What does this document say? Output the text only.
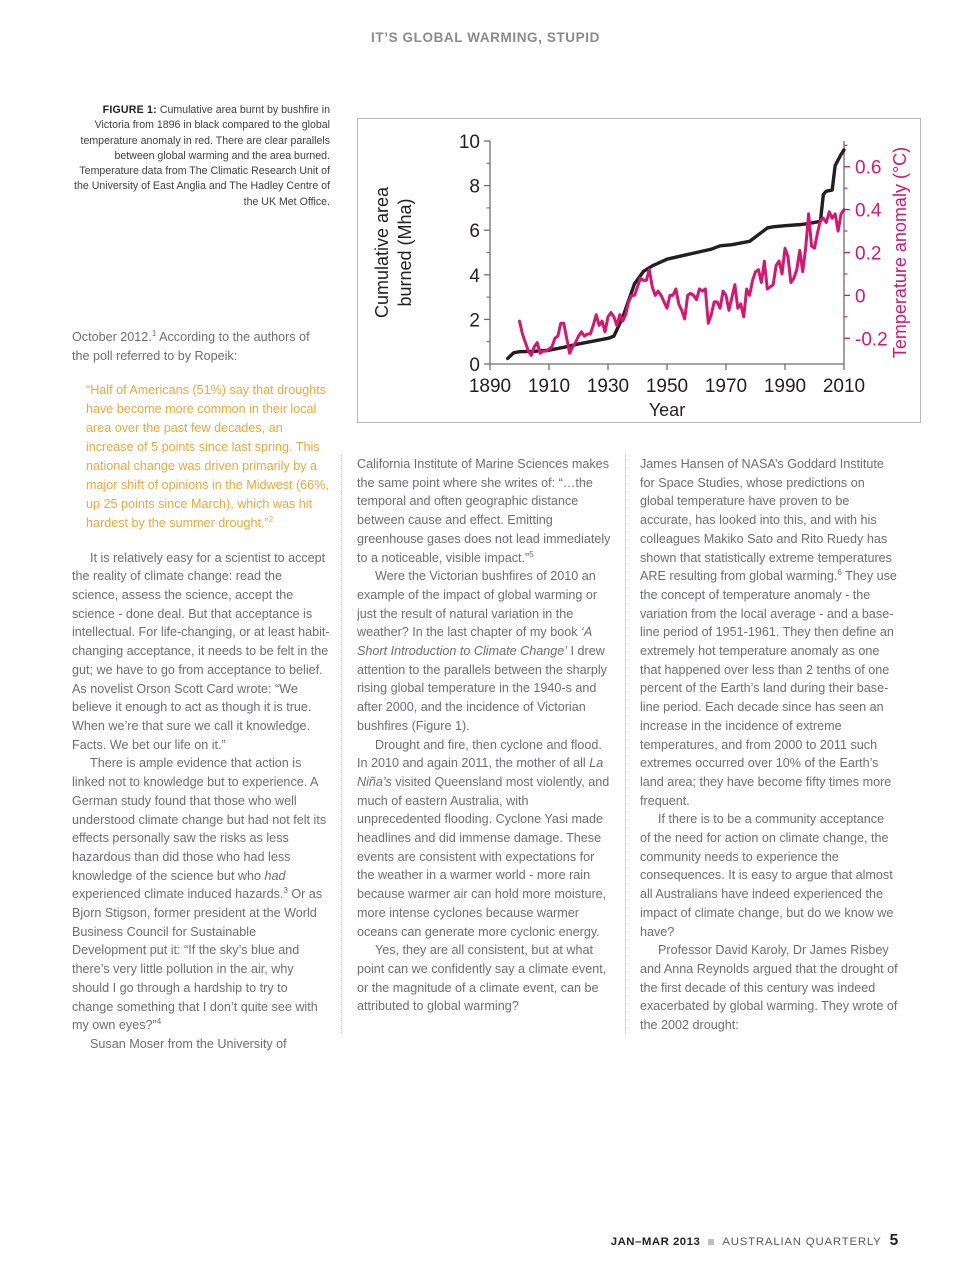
IT’S GLOBAL WARMING, STUPID
FIGURE 1: Cumulative area burnt by bushfire in Victoria from 1896 in black compared to the global temperature anomaly in red. There are clear parallels between global warming and the area burned. Temperature data from The Climatic Research Unit of the University of East Anglia and The Hadley Centre of the UK Met Office.
0
2
4
6
8
10
-0.2
0
0.2
0.4
0.6
1890 1910 1930 1950 1970 1990 2010
Year
Cumulative area burned (Mha)	Temperature anomaly (°C)

October 2012.$^1$ According to the authors of the poll referred to by Ropeik:

“Half of Americans (51%) say that droughts have become more common in their local area over the past few decades, an increase of 5 points since last spring. This national change was driven primarily by a major shift of opinions in the Midwest (66%, up 25 points since March), which was hit hardest by the summer drought.”$^2$

It is relatively easy for a scientist to accept the reality of climate change: read the science, assess the science, accept the science - done deal. But that acceptance is intellectual. For life-changing, or at least habit-changing acceptance, it needs to be felt in the gut; we have to go from acceptance to belief. As novelist Orson Scott Card wrote: “We believe it enough to act as though it is true. When we’re that sure we call it knowledge. Facts. We bet our life on it.”

There is ample evidence that action is linked not to knowledge but to experience. A German study found that those who well understood climate change but had not felt its effects personally saw the risks as less hazardous than did those who had less knowledge of the science but who had experienced climate induced hazards.$^3$ Or as Bjorn Stigson, former president at the World Business Council for Sustainable Development put it: “If the sky’s blue and there’s very little pollution in the air, why should I go through a hardship to try to change something that I don’t quite see with my own eyes?”$^4$

Susan Moser from the University of

California Institute of Marine Sciences makes the same point where she writes of: “…the temporal and often geographic distance between cause and effect. Emitting greenhouse gases does not lead immediately to a noticeable, visible impact.”$^5$

Were the Victorian bushfires of 2010 an example of the impact of global warming or just the result of natural variation in the weather? In the last chapter of my book ‘A Short Introduction to Climate Change’ I drew attention to the parallels between the sharply rising global temperature in the 1940-s and after 2000, and the incidence of Victorian bushfires (Figure 1).

Drought and fire, then cyclone and flood. In 2010 and again 2011, the mother of all La Niña’s visited Queensland most violently, and much of eastern Australia, with unprecedented flooding. Cyclone Yasi made headlines and did immense damage. These events are consistent with expectations for the weather in a warmer world - more rain because warmer air can hold more moisture, more intense cyclones because warmer oceans can generate more cyclonic energy.

Yes, they are all consistent, but at what point can we confidently say a climate event, or the magnitude of a climate event, can be attributed to global warming?

James Hansen of NASA’s Goddard Institute for Space Studies, whose predictions on global temperature have proven to be accurate, has looked into this, and with his colleagues Makiko Sato and Rito Ruedy has shown that statistically extreme temperatures ARE resulting from global warming.$^6$ They use the concept of temperature anomaly - the variation from the local average - and a base-line period of 1951-1961. They then define an extremely hot temperature anomaly as one that happened over less than 2 tenths of one percent of the Earth’s land during their base-line period. Each decade since has seen an increase in the incidence of extreme temperatures, and from 2000 to 2011 such extremes occurred over 10% of the Earth’s land area; they have become fifty times more frequent.

If there is to be a community acceptance of the need for action on climate change, the community needs to experience the consequences. It is easy to argue that almost all Australians have indeed experienced the impact of climate change, but do we know we have?

Professor David Karoly, Dr James Risbey and Anna Reynolds argued that the drought of the first decade of this century was indeed exacerbated by global warming. They wrote of the 2002 drought:

JAN–MAR 2013 AUSTRALIAN QUARTERLY 5
